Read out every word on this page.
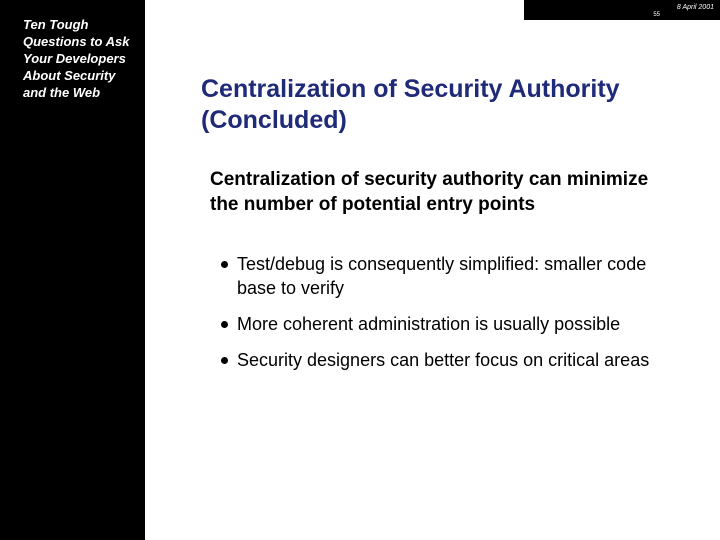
Ten Tough Questions to Ask Your Developers About Security and the Web
8 April 2001
55
Centralization of Security Authority (Concluded)

Centralization of security authority can minimize the number of potential entry points

Test/debug is consequently simplified: smaller code base to verify
More coherent administration is usually possible
Security designers can better focus on critical areas
